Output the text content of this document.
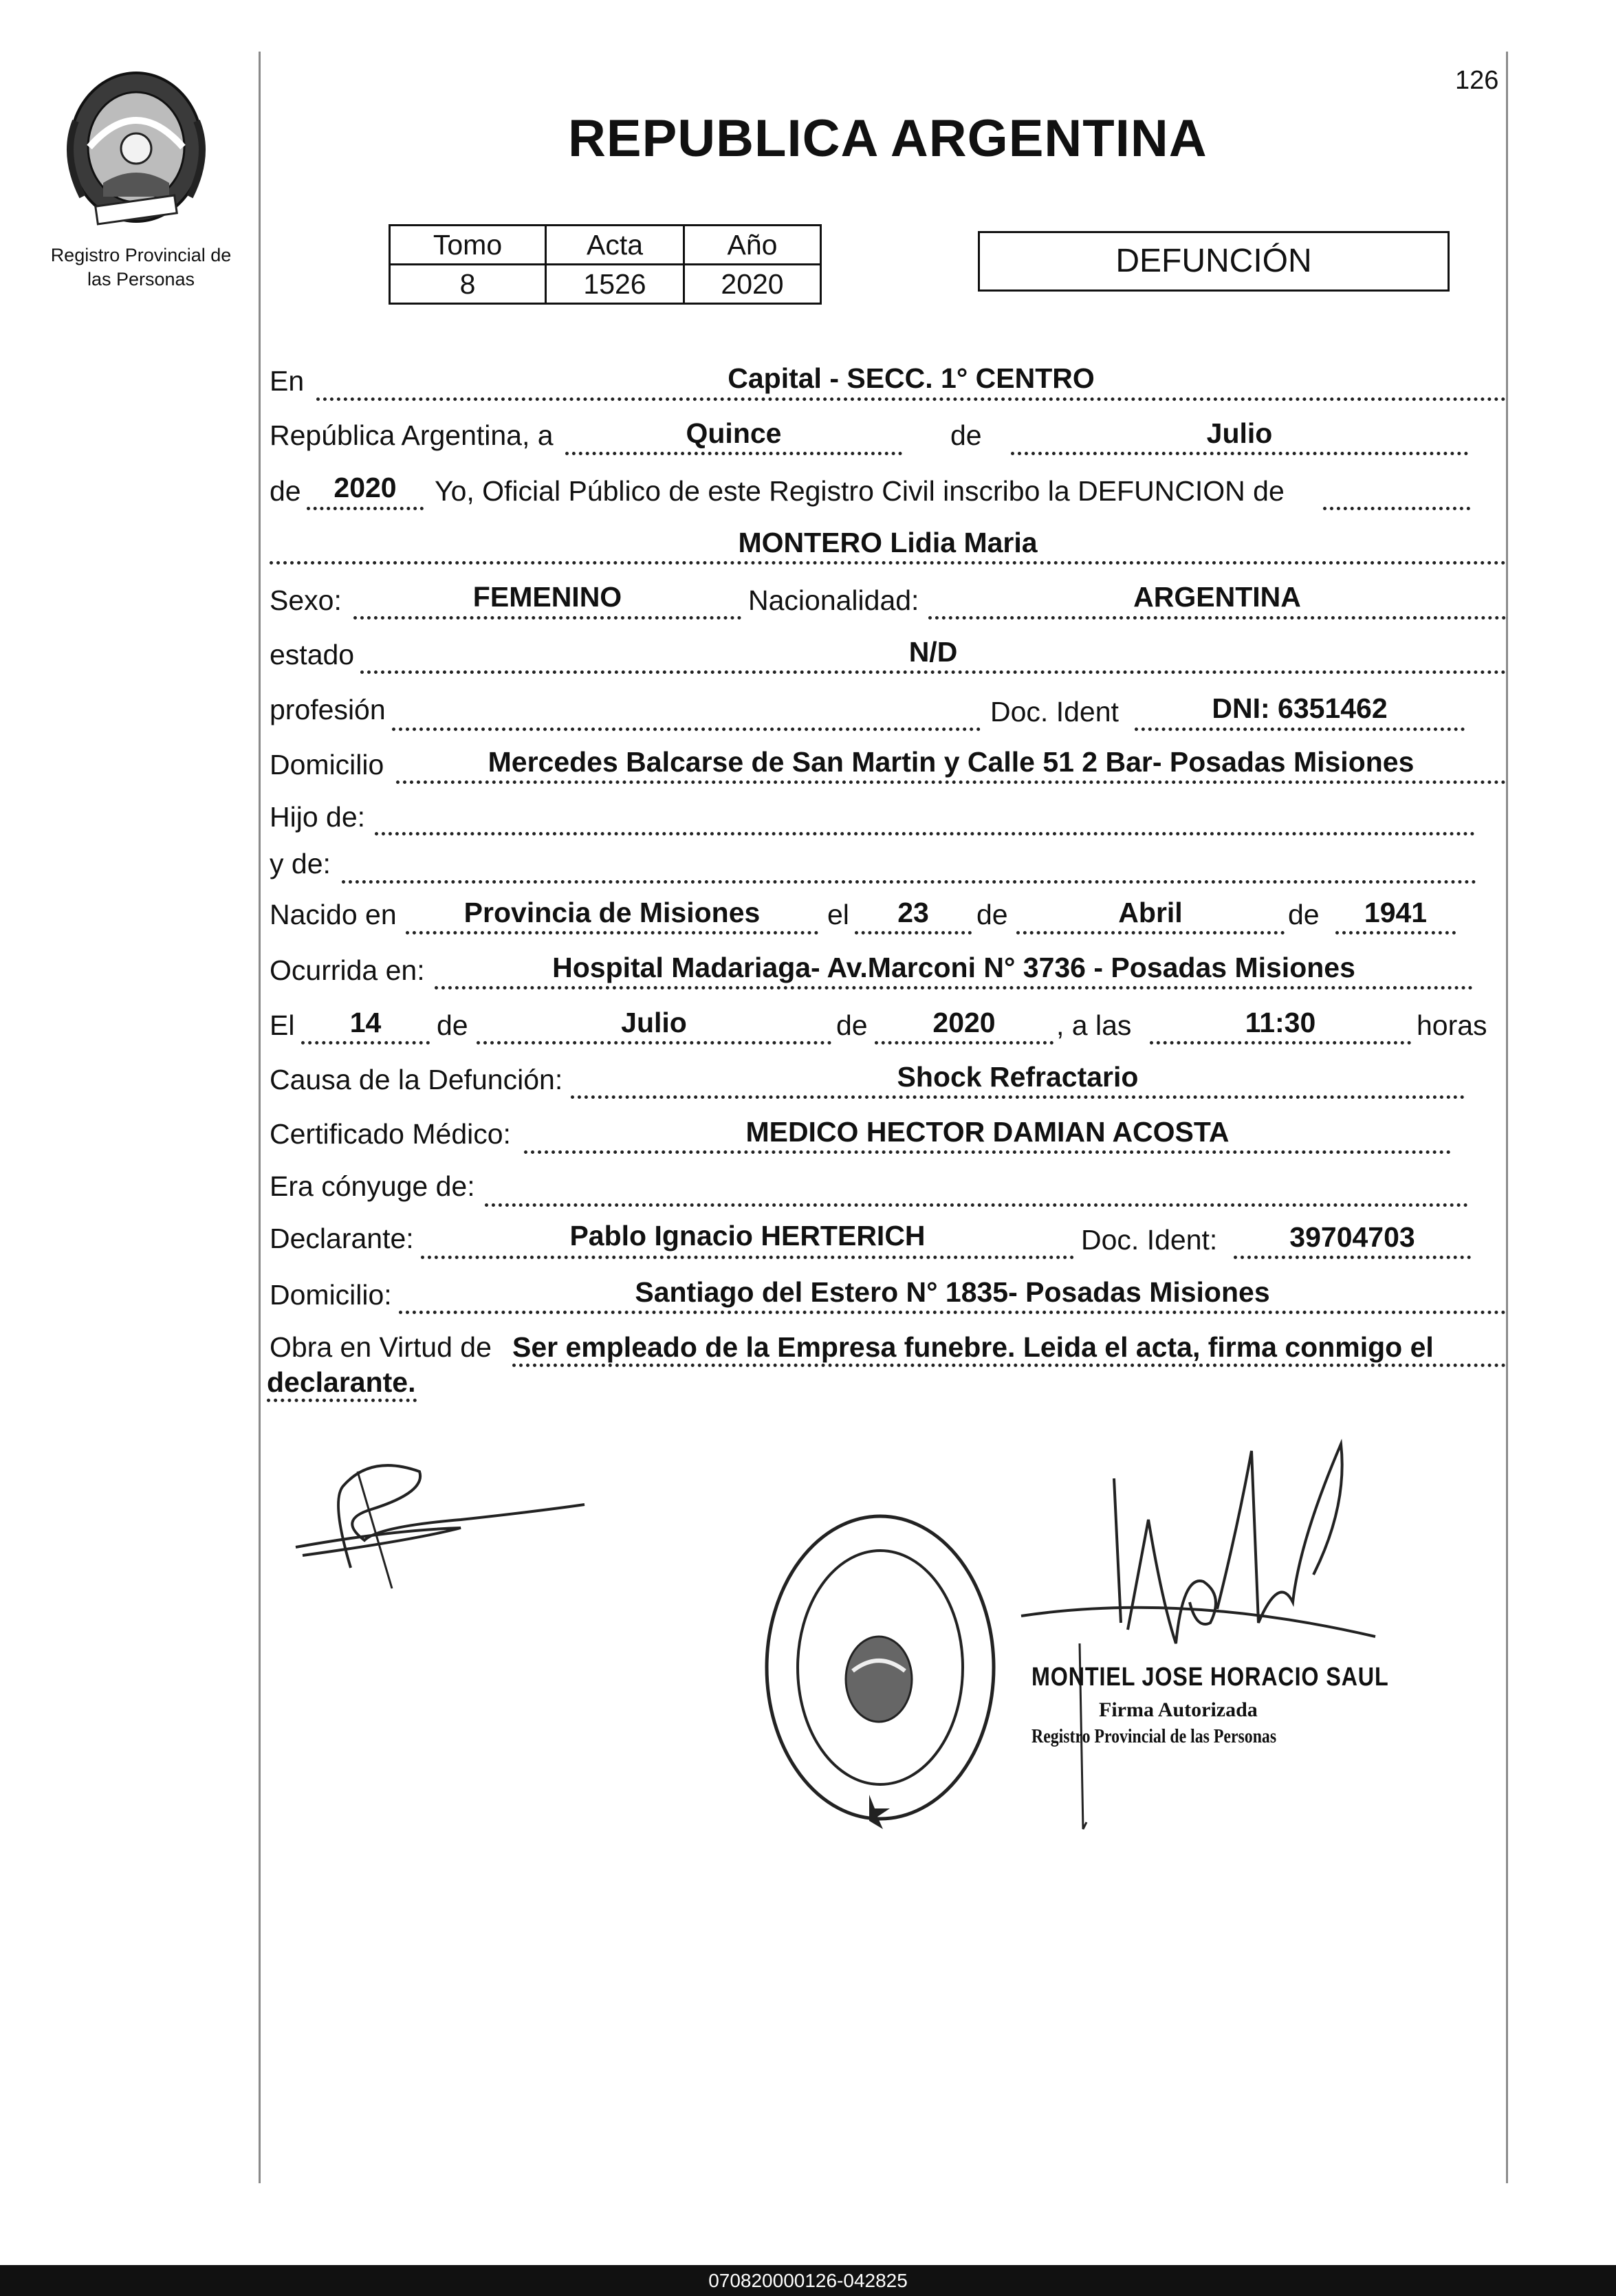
126
Registro Provincial de
las Personas
REPUBLICA ARGENTINA
Tomo	Acta	Año
8	1526	2020
DEFUNCIÓN
En	Capital - SECC. 1° CENTRO
República Argentina, a	Quince	de	Julio
de	2020	Yo, Oficial Público de este Registro Civil inscribo la DEFUNCION de
MONTERO Lidia Maria
Sexo:	FEMENINO	Nacionalidad:	ARGENTINA
estado	N/D
profesión	Doc. Ident	DNI: 6351462
Domicilio	Mercedes Balcarse de San Martin y Calle 51 2 Bar- Posadas Misiones
Hijo de:
y de:
Nacido en	Provincia de Misiones	el	23	de	Abril	de	1941
Ocurrida en:	Hospital Madariaga- Av.Marconi N° 3736 - Posadas Misiones
El	14	de	Julio	de	2020	, a las	11:30	horas
Causa de la Defunción:	Shock Refractario
Certificado Médico:	MEDICO HECTOR DAMIAN ACOSTA
Era cónyuge de:
Declarante:	Pablo Ignacio HERTERICH	Doc. Ident:	39704703
Domicilio:	Santiago del Estero N° 1835- Posadas Misiones
Obra en Virtud de Ser empleado de la Empresa funebre. Leida el acta, firma conmigo el
declarante.
MONTIEL JOSE HORACIO SAUL
Firma Autorizada
Registro Provincial de las Personas
070820000126-042825
